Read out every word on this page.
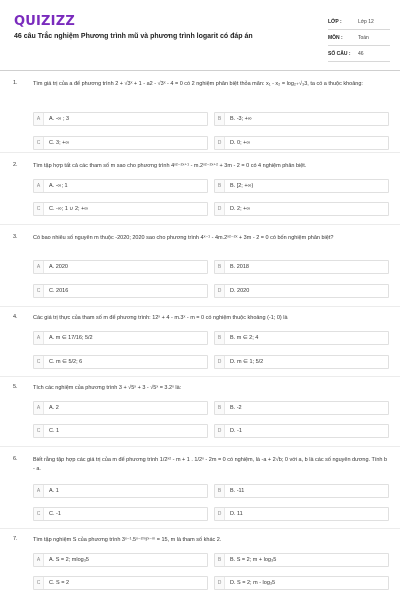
QUIZIZZ
46 câu Trắc nghiệm Phương trình mũ và phương trình logarit có đáp án
LỚP :	Lớp 12
MÔN :	Toán
SỐ CÂU :	46
1.	Tìm giá trị của a để phương trình 2 + √3ˣ + 1 - a2 - √3ˣ - 4 = 0 có 2 nghiệm phân biệt thỏa mãn: x₁ - x₂ = log₂₊√₃3, ta có a thuộc khoảng:
A	A. -∞ ; 3	B	B. -3; +∞
C	C. 3; +∞	D	D. 0; +∞
2.	Tìm tập hợp tất cả các tham số m sao cho phương trình 4ˣ²⁻²ˣ⁺¹ - m.2ˣ²⁻²ˣ⁺² + 3m - 2 = 0 có 4 nghiệm phân biệt.
A	A. -∞; 1	B	B. [2; +∞)
C	C. -∞; 1 ∪ 2; +∞	D	D. 2; +∞
3.	Có bao nhiêu số nguyên m thuộc -2020; 2020 sao cho phương trình 4ˣ⁻¹ - 4m.2ˣ²⁻²ˣ + 3m - 2 = 0 có bốn nghiệm phân biệt?
A	A. 2020	B	B. 2018
C	C. 2016	D	D. 2020
4.	Các giá trị thực của tham số m để phương trình: 12ˣ + 4 - m.3ˣ - m = 0 có nghiệm thuộc khoảng (-1; 0) là
A	A. m ∈ 17/16; 5/2	B	B. m ∈ 2; 4
C	C. m ∈ 5/2; 6	D	D. m ∈ 1; 5/2
5.	Tích các nghiệm của phương trình 3 + √5ˣ + 3 - √5ˣ = 3.2ˣ là:
A	A. 2	B	B. -2
C	C. 1	D	D. -1
6.	Biết rằng tập hợp các giá trị của m để phương trình 1/2ˣ² - m + 1 . 1/2ˣ - 2m = 0 có nghiệm, là -a + 2√b; 0 với a, b là các số nguyên dương. Tính b - a.
A	A. 1	B	B. -11
C	C. -1	D	D. 11
7.	Tìm tập nghiệm S của phương trình 3ˣ⁻¹.5ˣ⁻²ᵐ/ˣ⁻ᵐ = 15, m là tham số khác 2.
A	A. S = 2; mlog₃5	B	B. S = 2; m + log₃5
C	C. S = 2	D	D. S = 2; m - log₃5
